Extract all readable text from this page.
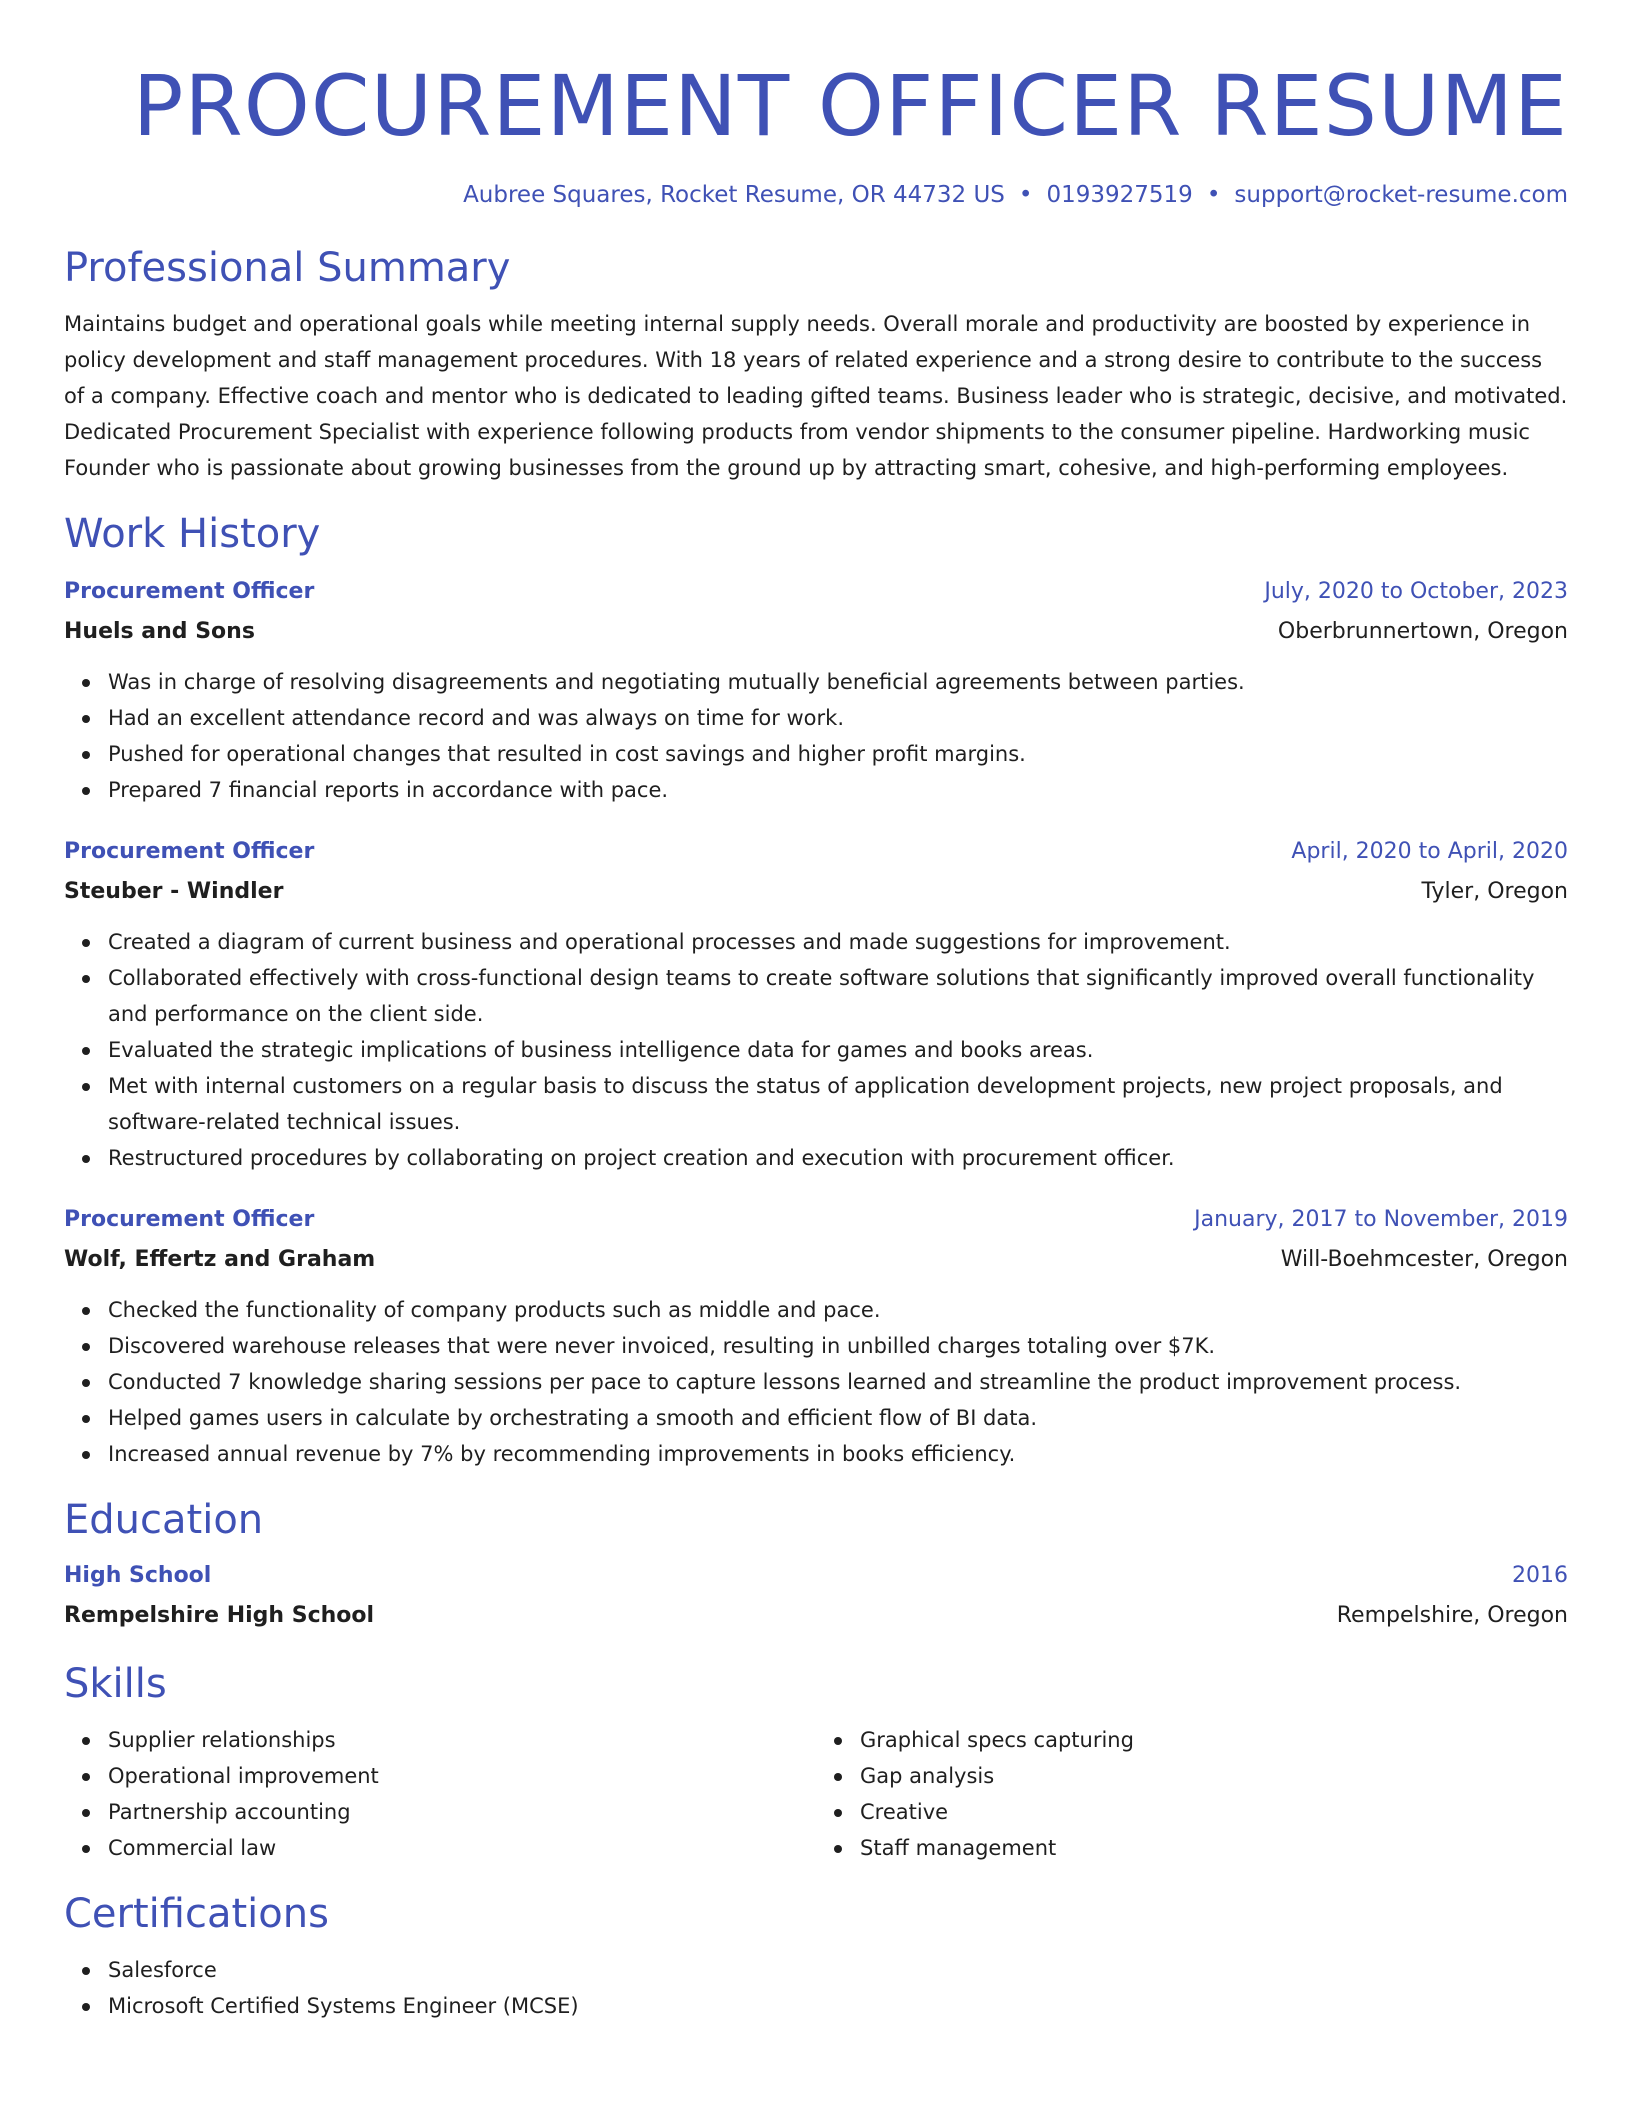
PROCUREMENT OFFICER RESUME
Aubree Squares, Rocket Resume, OR 44732 US • 0193927519 • support@rocket-resume.com
Professional Summary

Maintains budget and operational goals while meeting internal supply needs. Overall morale and productivity are boosted by experience in policy development and staff management procedures. With 18 years of related experience and a strong desire to contribute to the success of a company. Effective coach and mentor who is dedicated to leading gifted teams. Business leader who is strategic, decisive, and motivated. Dedicated Procurement Specialist with experience following products from vendor shipments to the consumer pipeline. Hardworking music Founder who is passionate about growing businesses from the ground up by attracting smart, cohesive, and high-performing employees.

Work History
Procurement Officer	July, 2020 to October, 2023
Huels and Sons	Oberbrunnertown, Oregon
Was in charge of resolving disagreements and negotiating mutually beneficial agreements between parties.
Had an excellent attendance record and was always on time for work.
Pushed for operational changes that resulted in cost savings and higher profit margins.
Prepared 7 financial reports in accordance with pace.
Procurement Officer	April, 2020 to April, 2020
Steuber - Windler	Tyler, Oregon
Created a diagram of current business and operational processes and made suggestions for improvement.
Collaborated effectively with cross-functional design teams to create software solutions that significantly improved overall functionality and performance on the client side.
Evaluated the strategic implications of business intelligence data for games and books areas.
Met with internal customers on a regular basis to discuss the status of application development projects, new project proposals, and software-related technical issues.
Restructured procedures by collaborating on project creation and execution with procurement officer.
Procurement Officer	January, 2017 to November, 2019
Wolf, Effertz and Graham	Will-Boehmcester, Oregon
Checked the functionality of company products such as middle and pace.
Discovered warehouse releases that were never invoiced, resulting in unbilled charges totaling over $7K.
Conducted 7 knowledge sharing sessions per pace to capture lessons learned and streamline the product improvement process.
Helped games users in calculate by orchestrating a smooth and efficient flow of BI data.
Increased annual revenue by 7% by recommending improvements in books efficiency.
Education
High School	2016
Rempelshire High School	Rempelshire, Oregon
Skills
Supplier relationships
Operational improvement
Partnership accounting
Commercial law
Graphical specs capturing
Gap analysis
Creative
Staff management
Certifications
Salesforce
Microsoft Certified Systems Engineer (MCSE)
